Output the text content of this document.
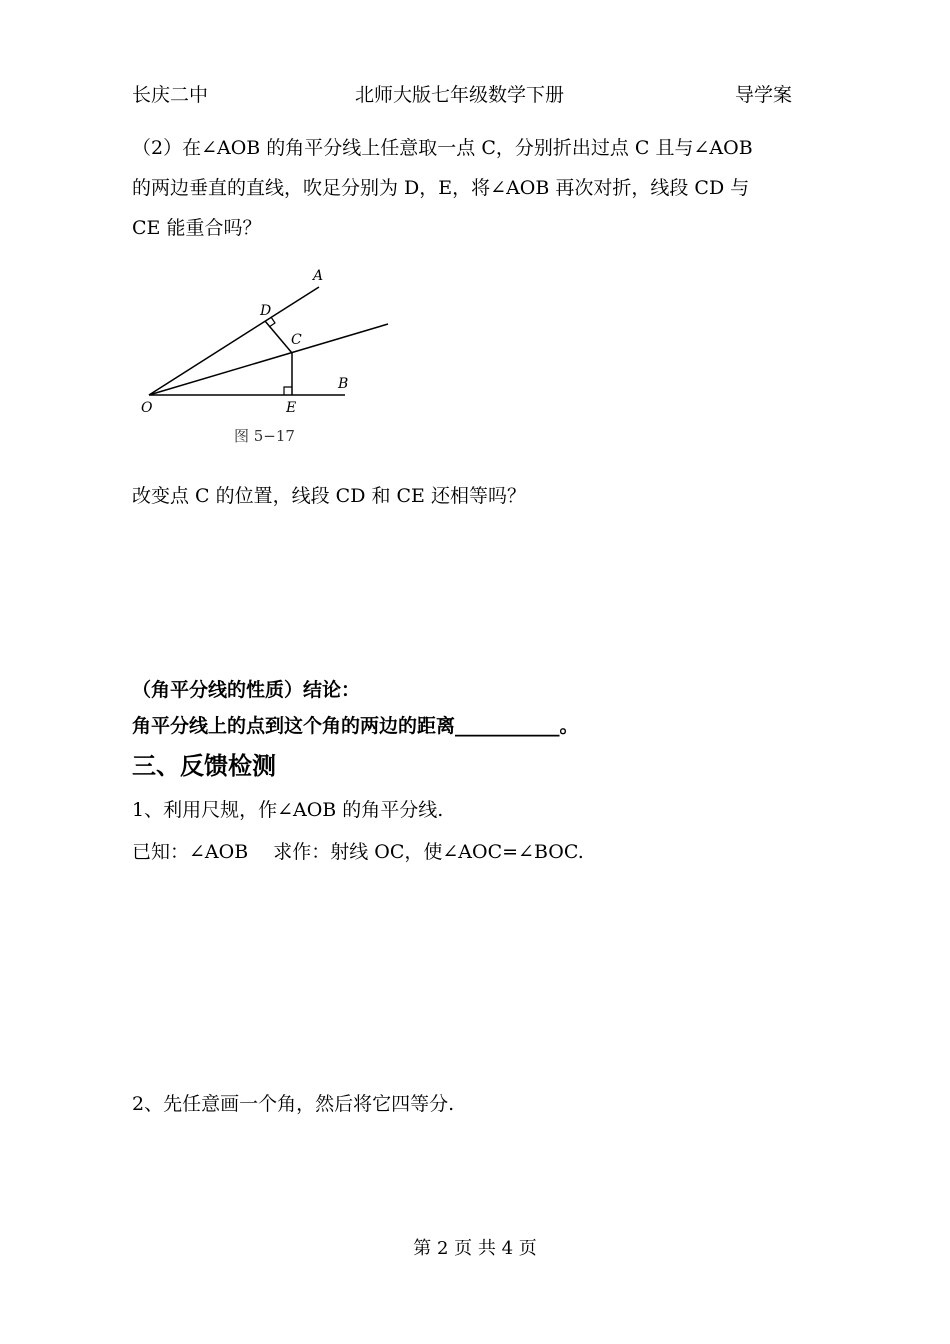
长庆二中	北师大版七年级数学下册	导学案
（2）在∠AOB 的角平分线上任意取一点 C，分别折出过点 C 且与∠AOB
的两边垂直的直线，吹足分别为 D，E，将∠AOB 再次对折，线段 CD 与
CE 能重合吗？
A
D
C
B
O	E
图 5−17
改变点 C 的位置，线段 CD 和 CE 还相等吗？
（角平分线的性质）结论：
角平分线上的点到这个角的两边的距离___________。
三、反馈检测
1、利用尺规，作∠AOB 的角平分线.
已知：∠AOB　 求作：射线 OC，使∠AOC=∠BOC.
2、先任意画一个角，然后将它四等分.
第 2 页 共 4 页
